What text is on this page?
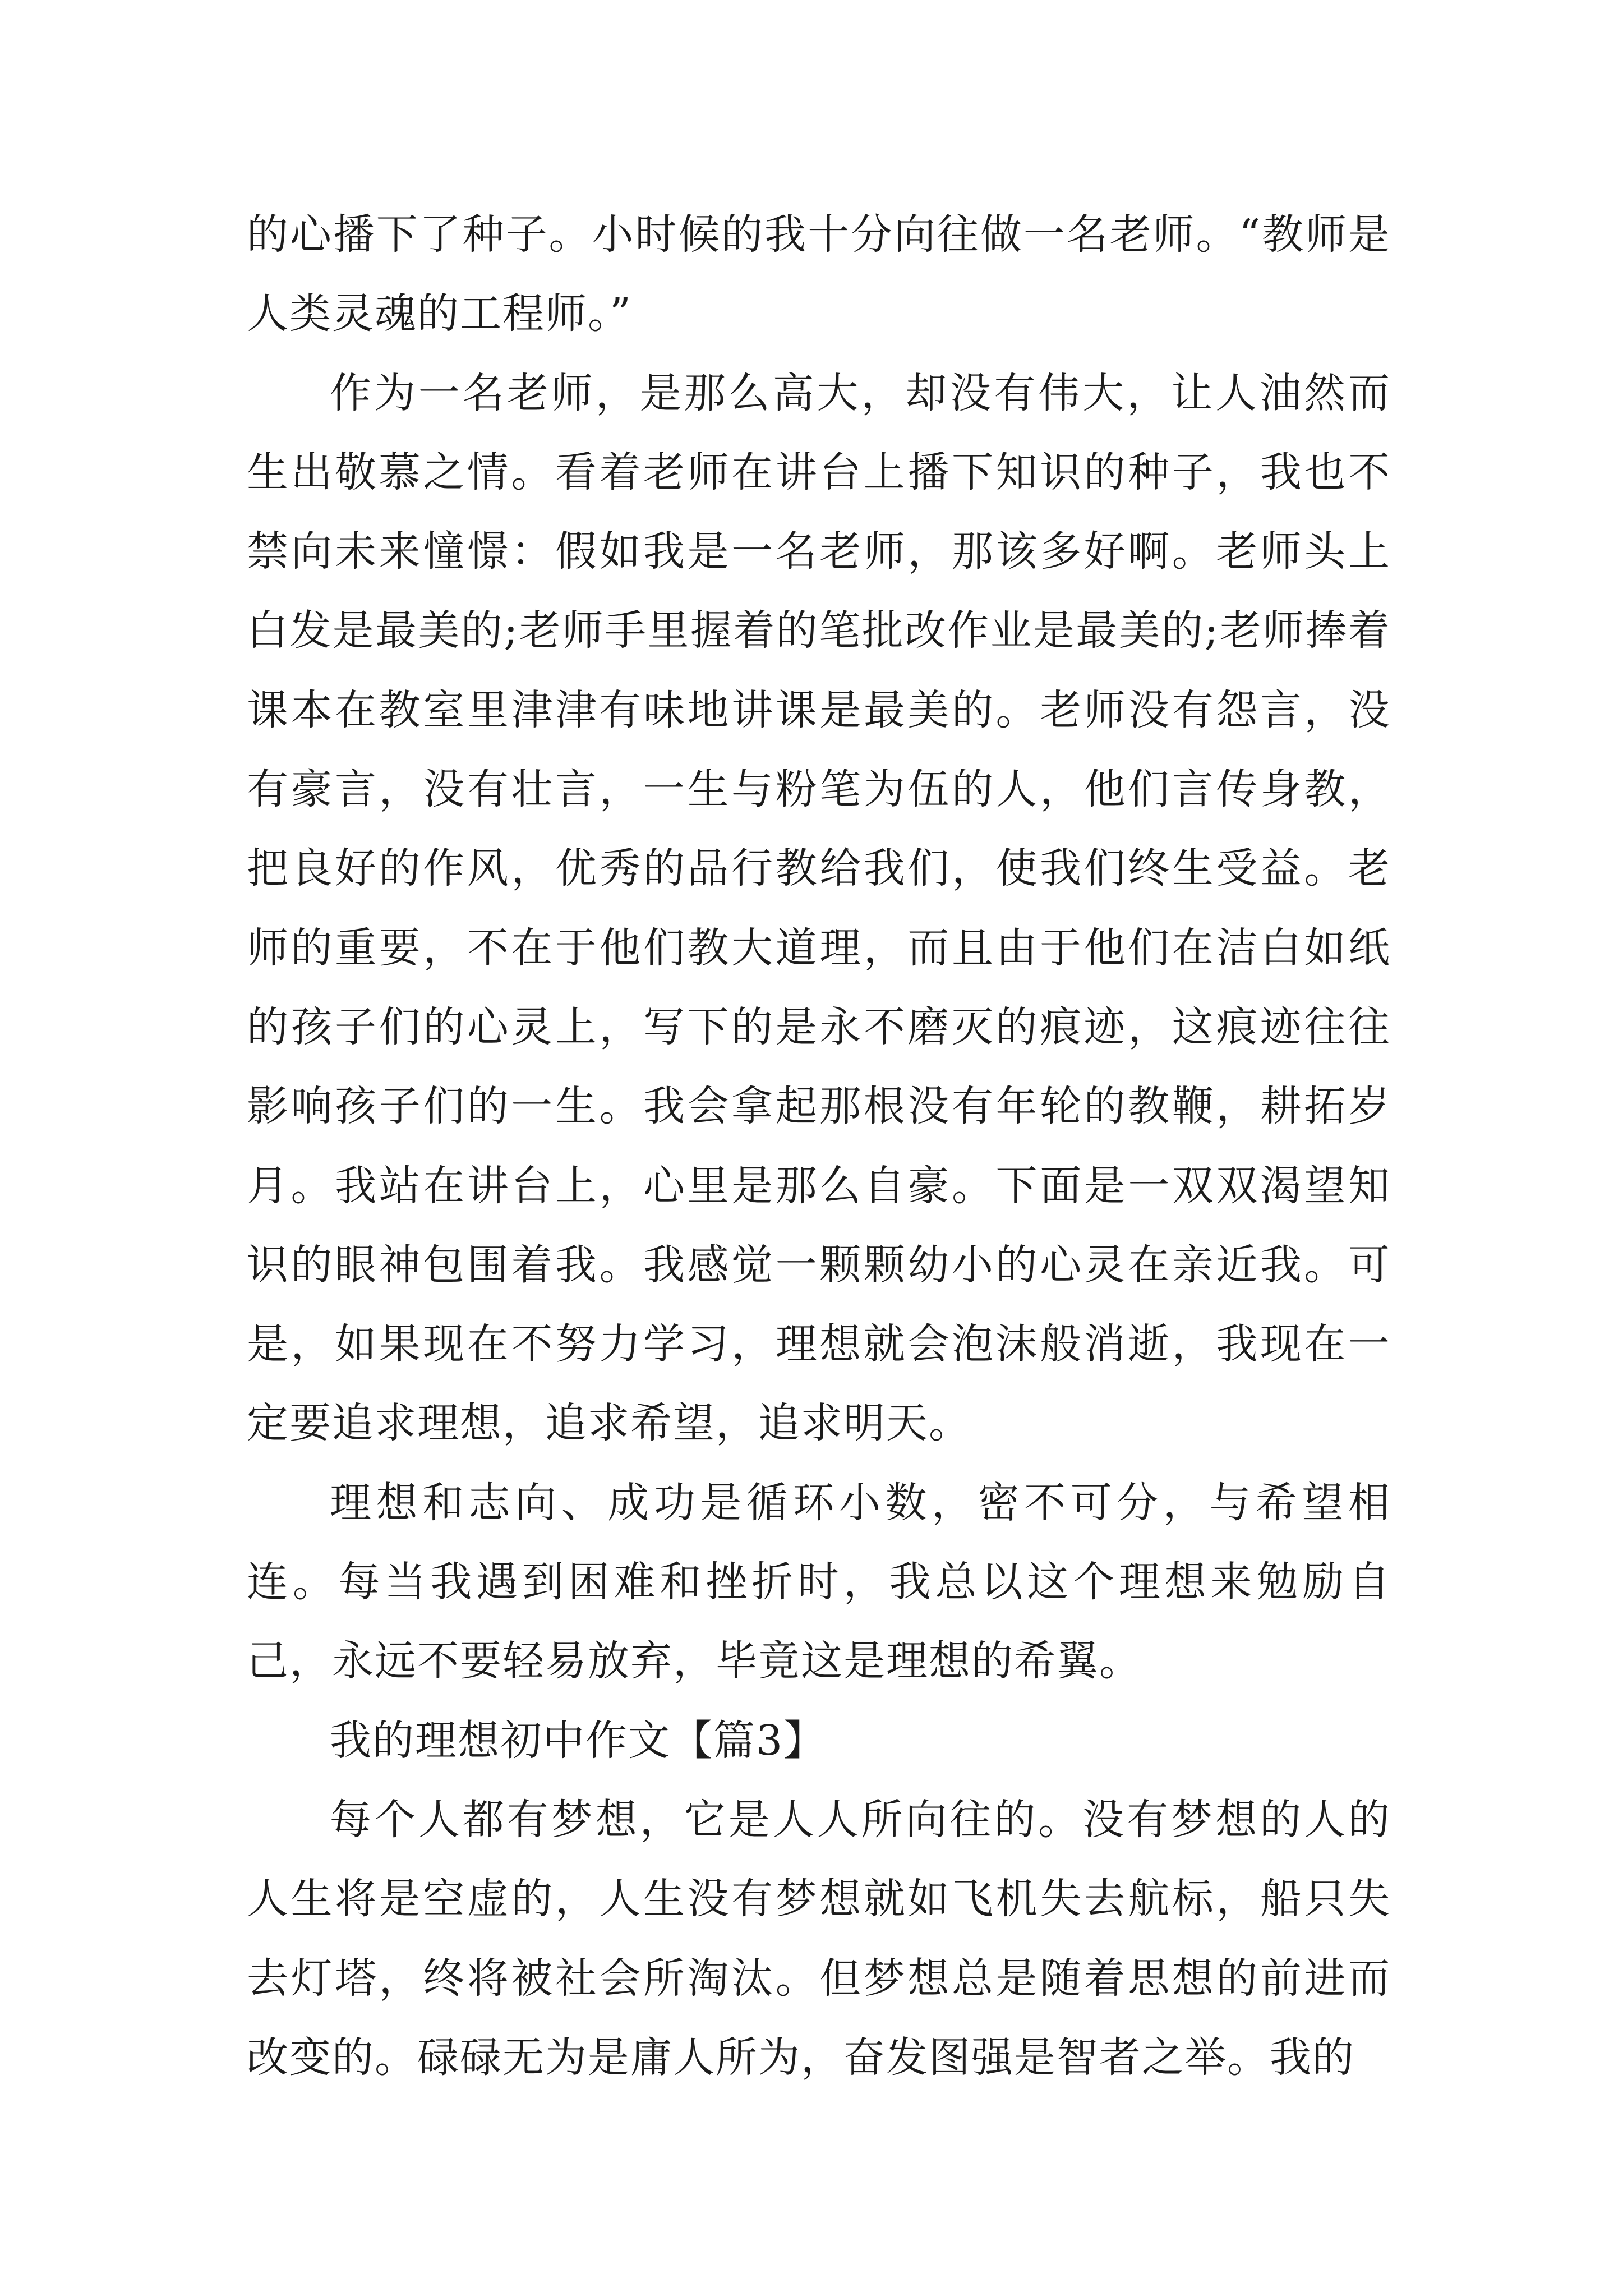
的心播下了种子。小时候的我十分向往做一名老师。“教师是人类灵魂的工程师。”

作为一名老师，是那么高大，却没有伟大，让人油然而生出敬慕之情。看着老师在讲台上播下知识的种子，我也不禁向未来憧憬：假如我是一名老师，那该多好啊。老师头上白发是最美的;老师手里握着的笔批改作业是最美的;老师捧着课本在教室里津津有味地讲课是最美的。老师没有怨言，没有豪言，没有壮言，一生与粉笔为伍的人，他们言传身教，把良好的作风，优秀的品行教给我们，使我们终生受益。老师的重要，不在于他们教大道理，而且由于他们在洁白如纸的孩子们的心灵上，写下的是永不磨灭的痕迹，这痕迹往往影响孩子们的一生。我会拿起那根没有年轮的教鞭，耕拓岁月。我站在讲台上，心里是那么自豪。下面是一双双渴望知识的眼神包围着我。我感觉一颗颗幼小的心灵在亲近我。可是，如果现在不努力学习，理想就会泡沫般消逝，我现在一定要追求理想，追求希望，追求明天。

理想和志向、成功是循环小数，密不可分，与希望相连。每当我遇到困难和挫折时，我总以这个理想来勉励自己，永远不要轻易放弃，毕竟这是理想的希翼。

我的理想初中作文【篇3】

每个人都有梦想，它是人人所向往的。没有梦想的人的人生将是空虚的，人生没有梦想就如飞机失去航标，船只失去灯塔，终将被社会所淘汰。但梦想总是随着思想的前进而改变的。碌碌无为是庸人所为，奋发图强是智者之举。我的
